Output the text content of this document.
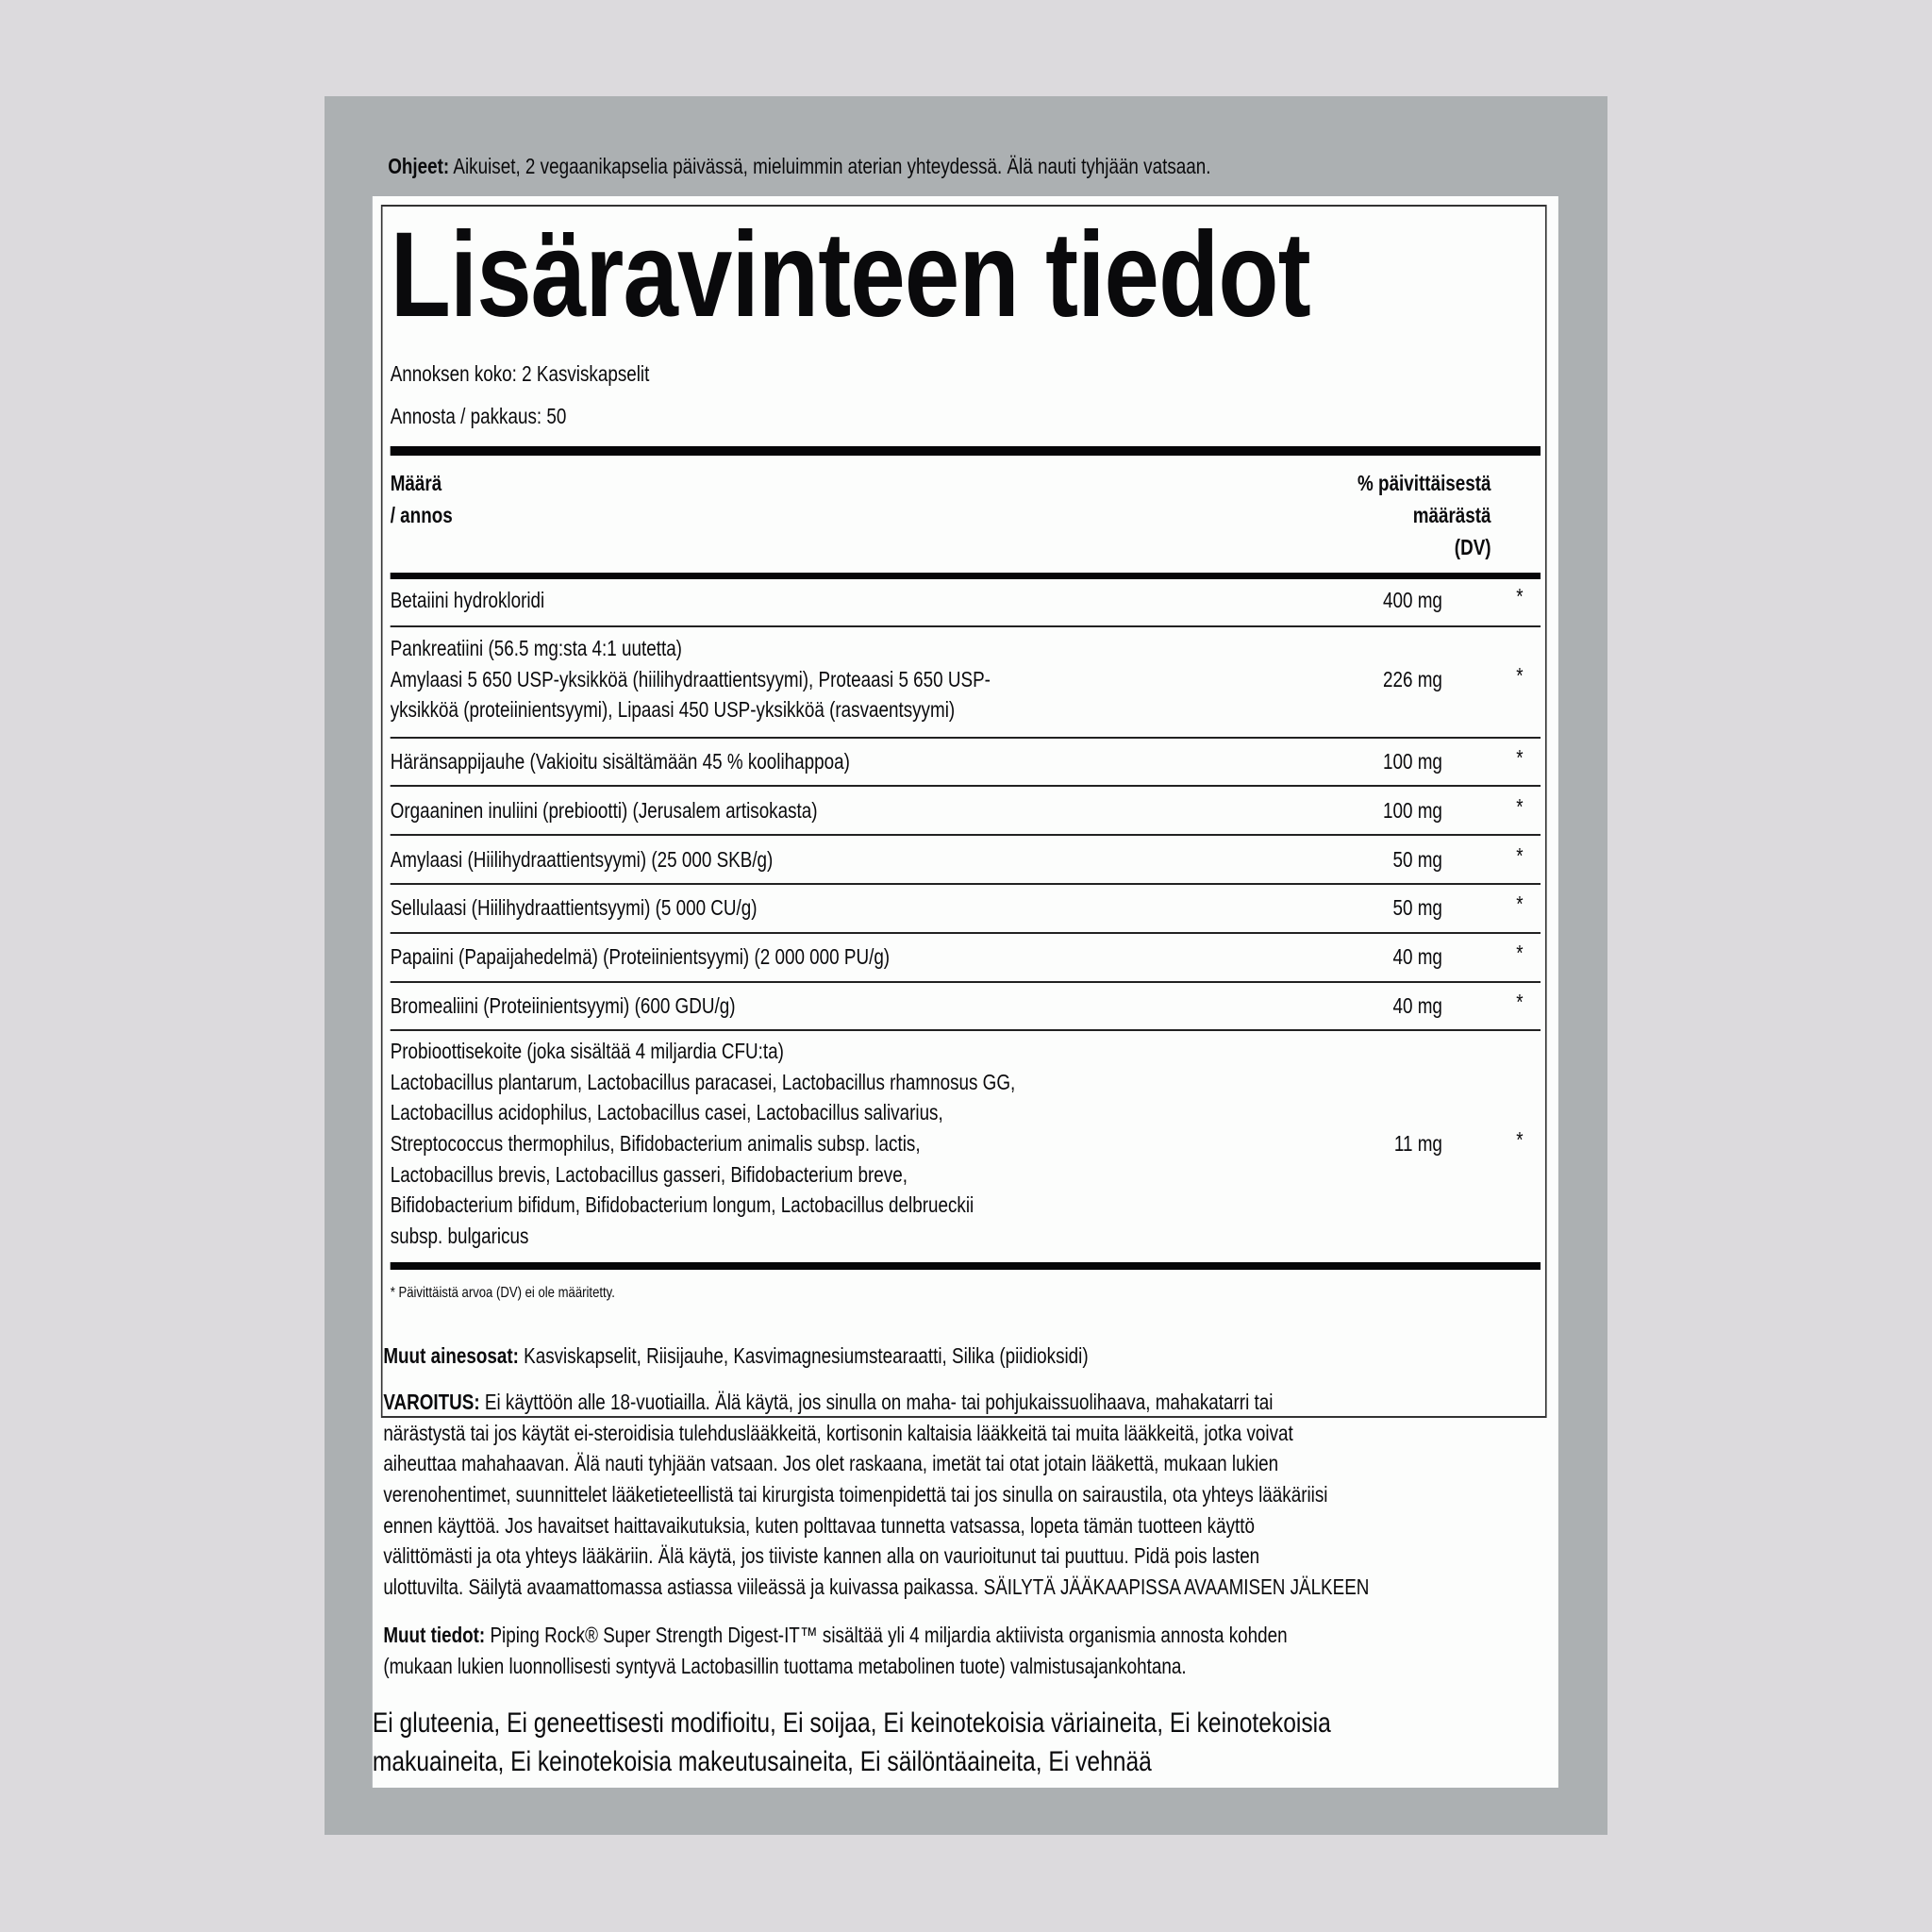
Ohjeet: Aikuiset, 2 vegaanikapselia päivässä, mieluimmin aterian yhteydessä. Älä nauti tyhjään vatsaan.
Lisäravinteen tiedot
Annoksen koko: 2 Kasviskapselit
Annosta / pakkaus: 50
Määrä
/ annos
% päivittäisestä
määrästä
(DV)
Betaiini hydrokloridi	400 mg	*
Pankreatiini (56.5 mg:sta 4:1 uutetta)
Amylaasi 5 650 USP-yksikköä (hiilihydraattientsyymi), Proteaasi 5 650 USP-
yksikköä (proteiinientsyymi), Lipaasi 450 USP-yksikköä (rasvaentsyymi)
226 mg	*
Häränsappijauhe (Vakioitu sisältämään 45 % koolihappoa)	100 mg	*
Orgaaninen inuliini (prebiootti) (Jerusalem artisokasta)	100 mg	*
Amylaasi (Hiilihydraattientsyymi) (25 000 SKB/g)	50 mg	*
Sellulaasi (Hiilihydraattientsyymi) (5 000 CU/g)	50 mg	*
Papaiini (Papaijahedelmä) (Proteiinientsyymi) (2 000 000 PU/g)	40 mg	*
Bromealiini (Proteiinientsyymi) (600 GDU/g)	40 mg	*
Probioottisekoite (joka sisältää 4 miljardia CFU:ta)
Lactobacillus plantarum, Lactobacillus paracasei, Lactobacillus rhamnosus GG,
Lactobacillus acidophilus, Lactobacillus casei, Lactobacillus salivarius,
Streptococcus thermophilus, Bifidobacterium animalis subsp. lactis,
Lactobacillus brevis, Lactobacillus gasseri, Bifidobacterium breve,
Bifidobacterium bifidum, Bifidobacterium longum, Lactobacillus delbrueckii
subsp. bulgaricus
11 mg	*
* Päivittäistä arvoa (DV) ei ole määritetty.
Muut ainesosat: Kasviskapselit, Riisijauhe, Kasvimagnesiumstearaatti, Silika (piidioksidi)
VAROITUS: Ei käyttöön alle 18-vuotiailla. Älä käytä, jos sinulla on maha- tai pohjukaissuolihaava, mahakatarri tai
närästystä tai jos käytät ei-steroidisia tulehduslääkkeitä, kortisonin kaltaisia lääkkeitä tai muita lääkkeitä, jotka voivat
aiheuttaa mahahaavan. Älä nauti tyhjään vatsaan. Jos olet raskaana, imetät tai otat jotain lääkettä, mukaan lukien
verenohentimet, suunnittelet lääketieteellistä tai kirurgista toimenpidettä tai jos sinulla on sairaustila, ota yhteys lääkäriisi
ennen käyttöä. Jos havaitset haittavaikutuksia, kuten polttavaa tunnetta vatsassa, lopeta tämän tuotteen käyttö
välittömästi ja ota yhteys lääkäriin. Älä käytä, jos tiiviste kannen alla on vaurioitunut tai puuttuu. Pidä pois lasten
ulottuvilta. Säilytä avaamattomassa astiassa viileässä ja kuivassa paikassa. SÄILYTÄ JÄÄKAAPISSA AVAAMISEN JÄLKEEN
Muut tiedot: Piping Rock® Super Strength Digest-IT™ sisältää yli 4 miljardia aktiivista organismia annosta kohden
(mukaan lukien luonnollisesti syntyvä Lactobasillin tuottama metabolinen tuote) valmistusajankohtana.
Ei gluteenia, Ei geneettisesti modifioitu, Ei soijaa, Ei keinotekoisia väriaineita, Ei keinotekoisia
makuaineita, Ei keinotekoisia makeutusaineita, Ei säilöntäaineita, Ei vehnää
